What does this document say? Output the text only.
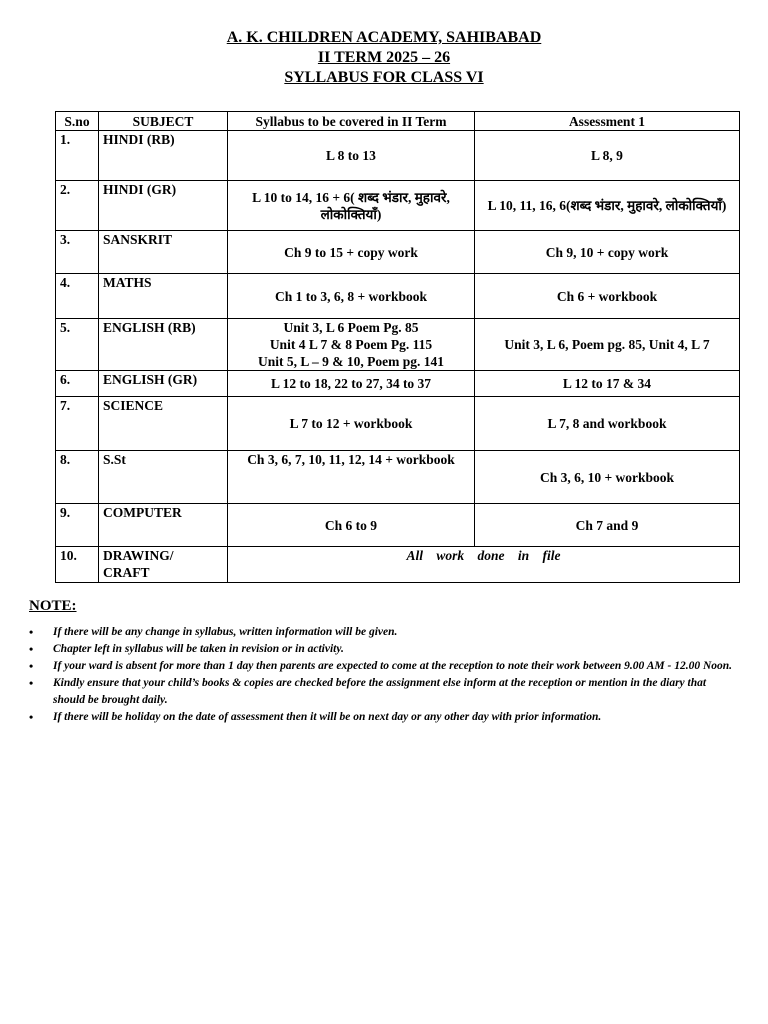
A. K. CHILDREN ACADEMY, SAHIBABAD
II TERM 2025 – 26
SYLLABUS FOR CLASS VI
S.no	SUBJECT	Syllabus to be covered in II Term	Assessment 1
1.	HINDI (RB)	L 8 to 13	L 8, 9
2.	HINDI (GR)	L 10 to 14, 16 + 6( शब्द भंडार, मुहावरे, लोकोक्तियाँ)	L 10, 11, 16, 6(शब्द भंडार, मुहावरे, लोकोक्तियाँ)
3.	SANSKRIT	Ch 9 to 15 + copy work	Ch 9, 10 + copy work
4.	MATHS	Ch 1 to 3, 6, 8 + workbook	Ch 6 + workbook
5.	ENGLISH (RB)	Unit 3, L 6 Poem Pg. 85
Unit 4 L 7 & 8 Poem Pg. 115
Unit 5, L – 9 & 10, Poem pg. 141	Unit 3, L 6, Poem pg. 85, Unit 4, L 7
6.	ENGLISH (GR)	L 12 to 18, 22 to 27, 34 to 37	L 12 to 17 & 34
7.	SCIENCE	L 7 to 12 + workbook	L 7, 8 and workbook
8.	S.St	Ch 3, 6, 7, 10, 11, 12, 14 + workbook	Ch 3, 6, 10 + workbook
9.	COMPUTER	Ch 6 to 9	Ch 7 and 9
10.	DRAWING/ CRAFT	All work done in file	
NOTE:
• If there will be any change in syllabus, written information will be given.
• Chapter left in syllabus will be taken in revision or in activity.
• If your ward is absent for more than 1 day then parents are expected to come at the reception to note their work between 9.00 AM - 12.00 Noon.
• Kindly ensure that your child’s books & copies are checked before the assignment else inform at the reception or mention in the diary that should be brought daily.
• If there will be holiday on the date of assessment then it will be on next day or any other day with prior information.
